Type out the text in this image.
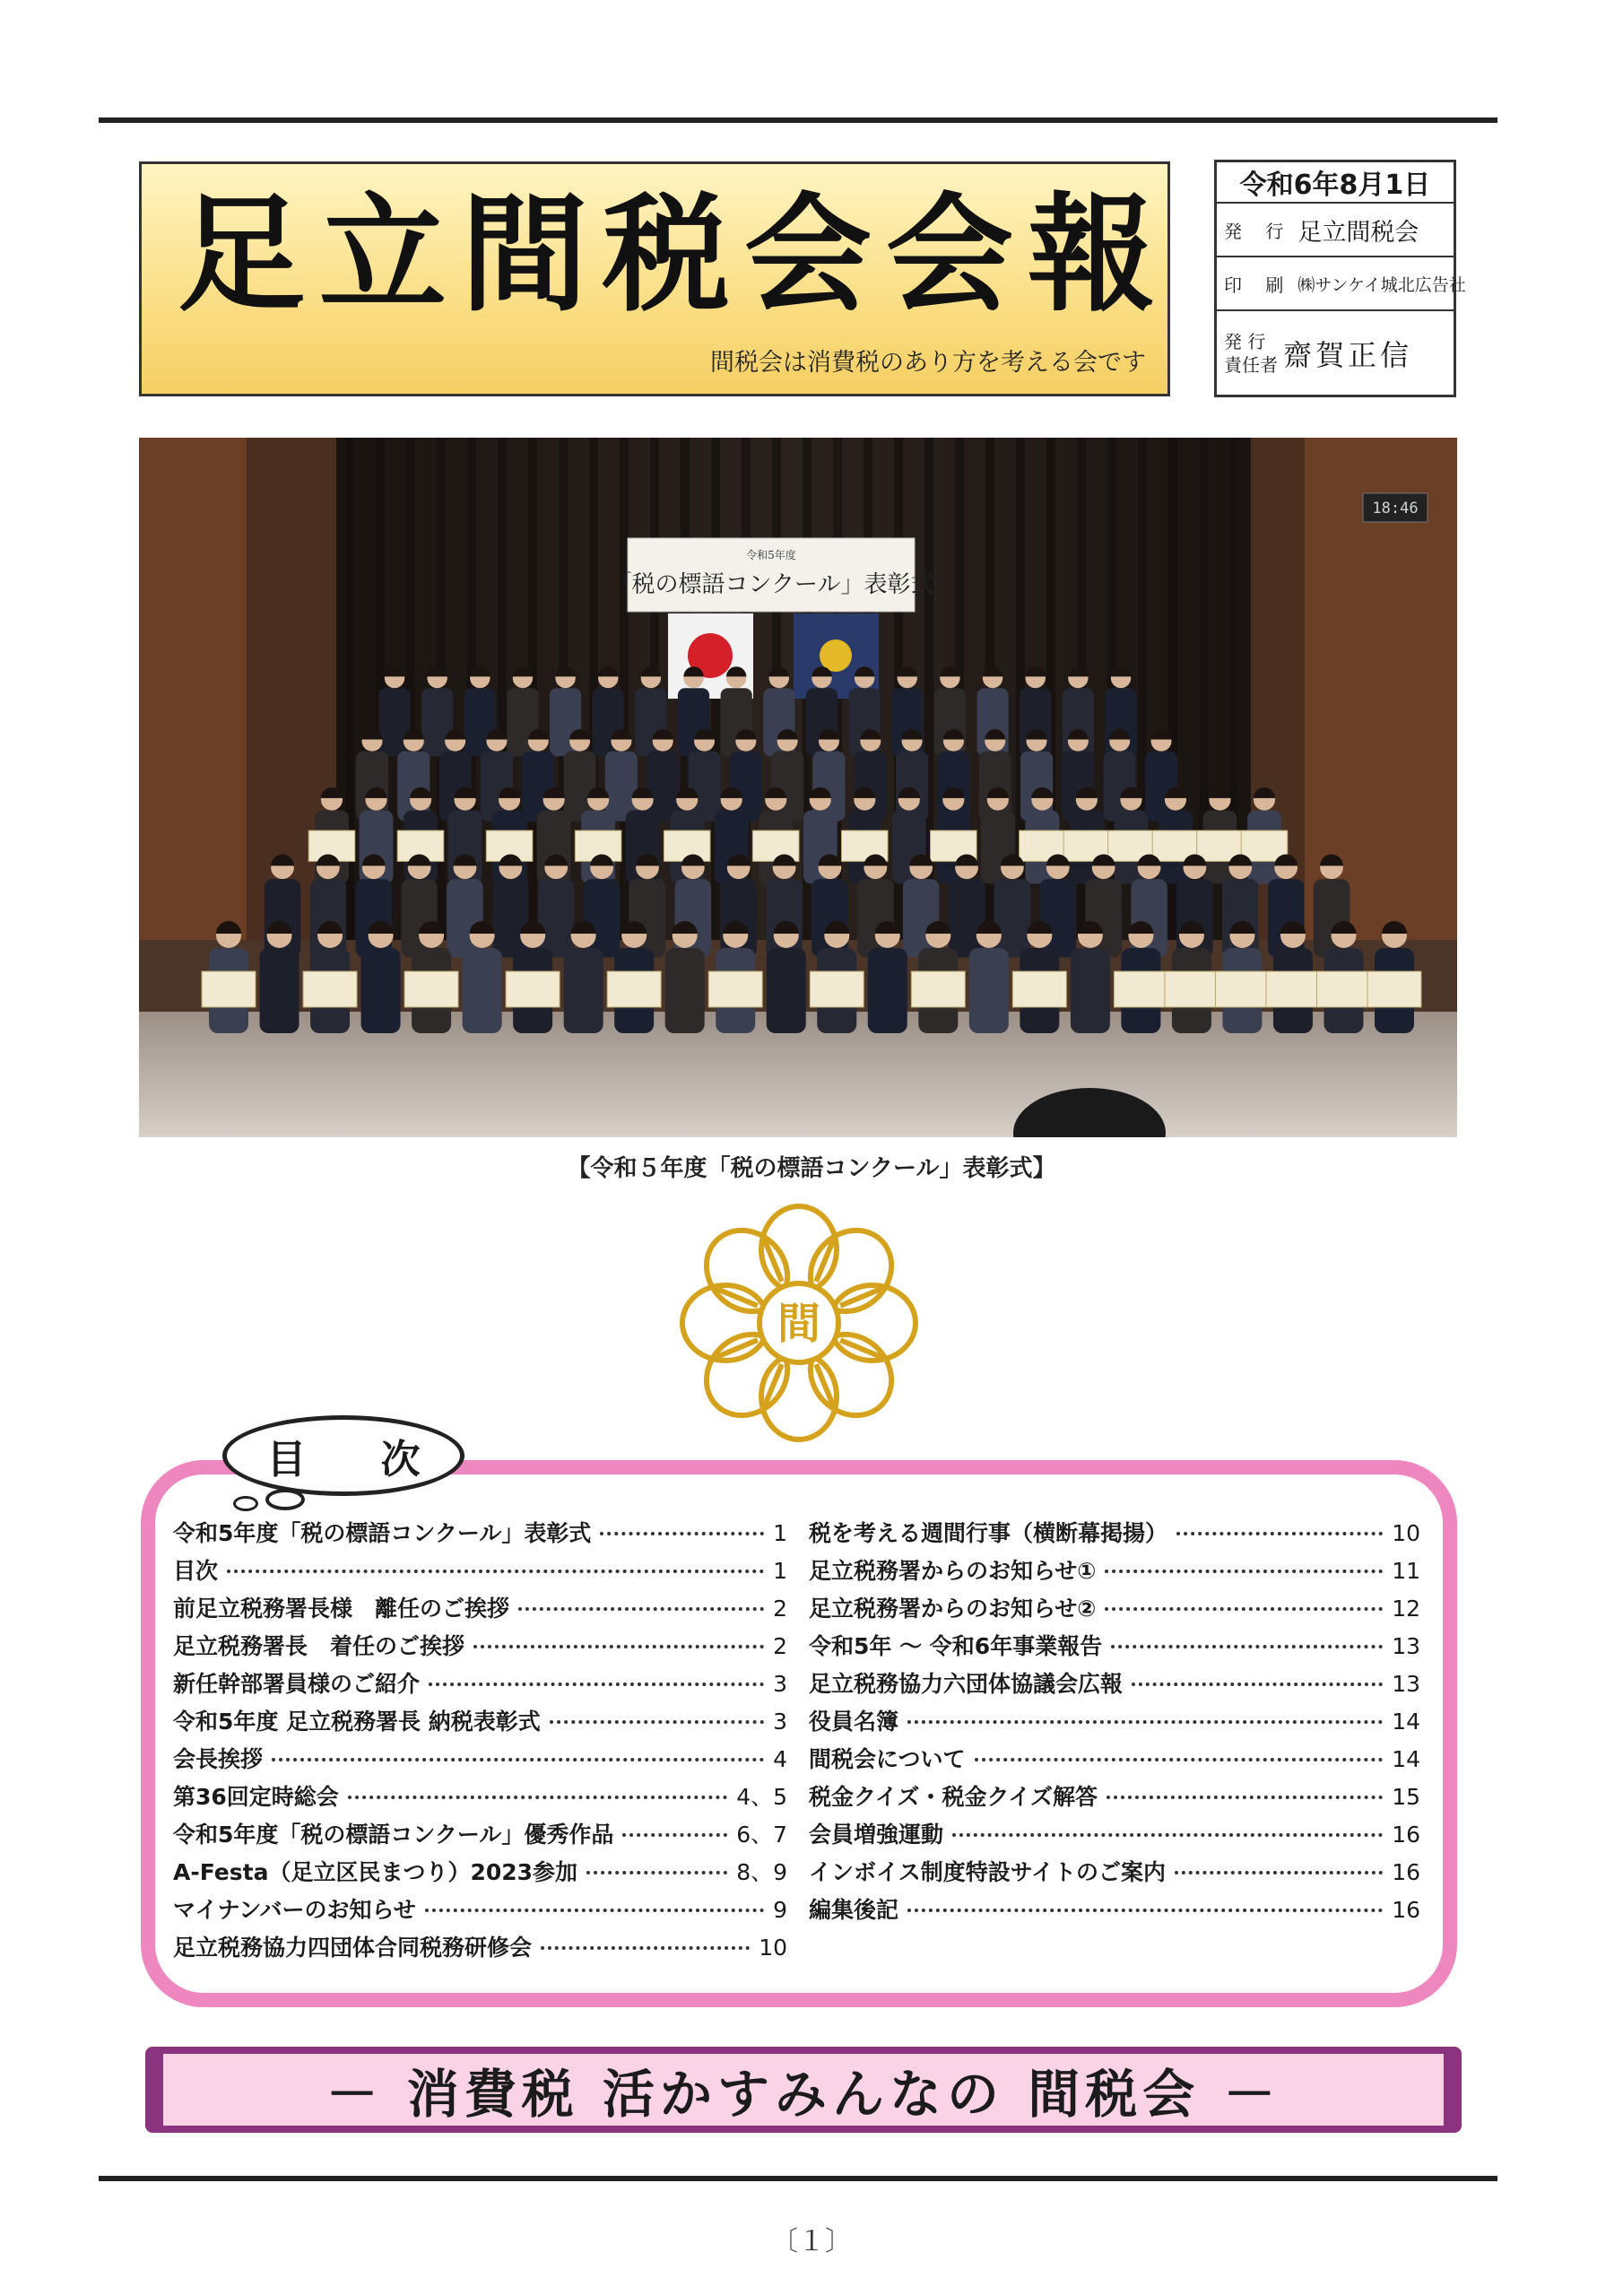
足立間税会会報
間税会は消費税のあり方を考える会です
令和6年8月1日
発 行 足立間税会
印 刷 ㈱サンケイ城北広告社
発 行
責任者 齋賀正信
令和5年度
「税の標語コンクール」表彰式
18:46
【令和５年度「税の標語コンクール」表彰式】
間
目 次
令和5年度「税の標語コンクール」表彰式	1
目次	1
前足立税務署長様　離任のご挨拶	2
足立税務署長　着任のご挨拶	2
新任幹部署員様のご紹介	3
令和5年度 足立税務署長 納税表彰式	3
会長挨拶	4
第36回定時総会	4、5
令和5年度「税の標語コンクール」優秀作品	6、7
A-Festa（足立区民まつり）2023参加	8、9
マイナンバーのお知らせ	9
足立税務協力四団体合同税務研修会	10
税を考える週間行事（横断幕掲揚）	10
足立税務署からのお知らせ①	11
足立税務署からのお知らせ②	12
令和5年 ～ 令和6年事業報告	13
足立税務協力六団体協議会広報	13
役員名簿	14
間税会について	14
税金クイズ・税金クイズ解答	15
会員増強運動	16
インボイス制度特設サイトのご案内	16
編集後記	16
－ 消費税 活かすみんなの 間税会 －
〔１〕
